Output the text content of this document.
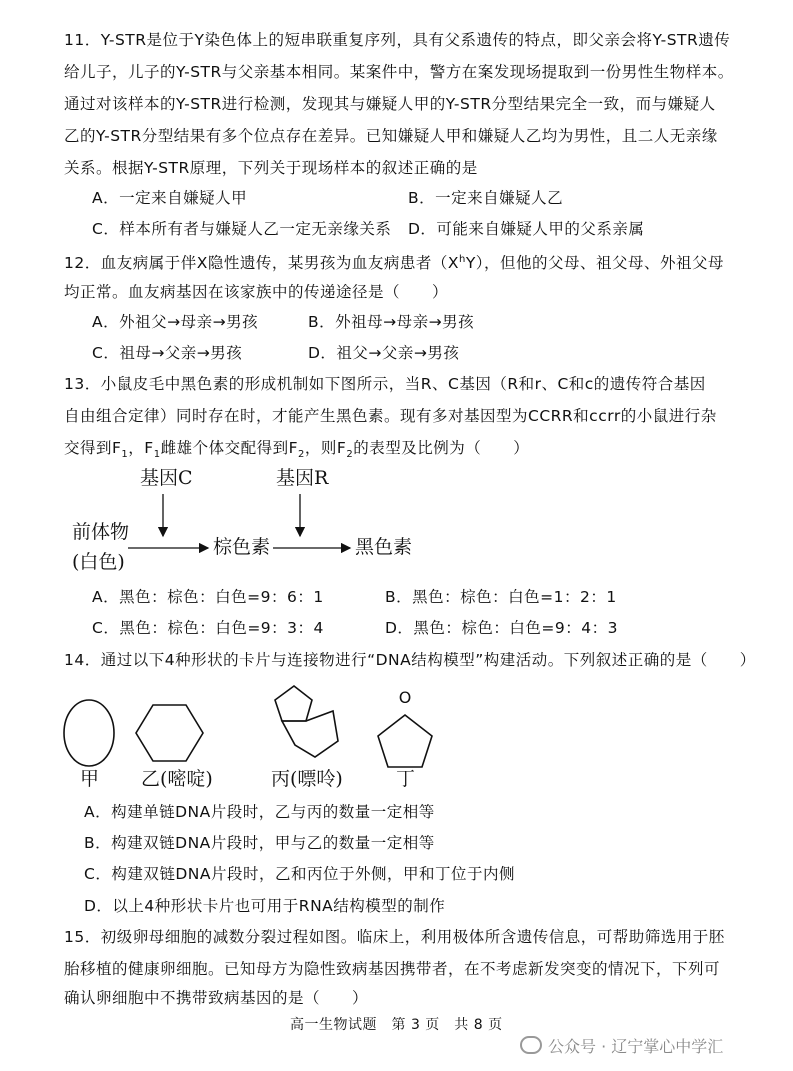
11．Y-STR是位于Y染色体上的短串联重复序列，具有父系遗传的特点，即父亲会将Y-STR遗传
给儿子，儿子的Y-STR与父亲基本相同。某案件中，警方在案发现场提取到一份男性生物样本。
通过对该样本的Y-STR进行检测，发现其与嫌疑人甲的Y-STR分型结果完全一致，而与嫌疑人
乙的Y-STR分型结果有多个位点存在差异。已知嫌疑人甲和嫌疑人乙均为男性，且二人无亲缘
关系。根据Y-STR原理，下列关于现场样本的叙述正确的是
A．一定来自嫌疑人甲	B．一定来自嫌疑人乙
C．样本所有者与嫌疑人乙一定无亲缘关系 D．可能来自嫌疑人甲的父系亲属
12．血友病属于伴X隐性遗传，某男孩为血友病患者$(X^hY)$，但他的父母、祖父母、外祖父母
均正常。血友病基因在该家族中的传递途径是（　　）
A．外祖父→母亲→男孩	B．外祖母→母亲→男孩
C．祖母→父亲→男孩	D．祖父→父亲→男孩
13．小鼠皮毛中黑色素的形成机制如下图所示，当R、C基因（R和r、C和c的遗传符合基因
自由组合定律）同时存在时，才能产生黑色素。现有多对基因型为CCRR和ccrr的小鼠进行杂
交得到$F_1$，$F_1$雌雄个体交配得到$F_2$，则$F_2$的表型及比例为（　　）
基因C	基因R
前体物
(白色)
棕色素	黑色素
A．黑色：棕色：白色=9：6：1	B．黑色：棕色：白色=1：2：1
C．黑色：棕色：白色=9：3：4	D．黑色：棕色：白色=9：4：3
14．通过以下4种形状的卡片与连接物进行“DNA结构模型”构建活动。下列叙述正确的是（　　）
O
甲 乙(嘧啶)	丙(嘌呤)	丁
A．构建单链DNA片段时，乙与丙的数量一定相等
B．构建双链DNA片段时，甲与乙的数量一定相等
C．构建双链DNA片段时，乙和丙位于外侧，甲和丁位于内侧
D．以上4种形状卡片也可用于RNA结构模型的制作
15．初级卵母细胞的减数分裂过程如图。临床上，利用极体所含遗传信息，可帮助筛选用于胚
胎移植的健康卵细胞。已知母方为隐性致病基因携带者，在不考虑新发突变的情况下，下列可
确认卵细胞中不携带致病基因的是（　　）
高一生物试题　第 3 页　共 8 页
公众号 · 辽宁掌心中学汇
